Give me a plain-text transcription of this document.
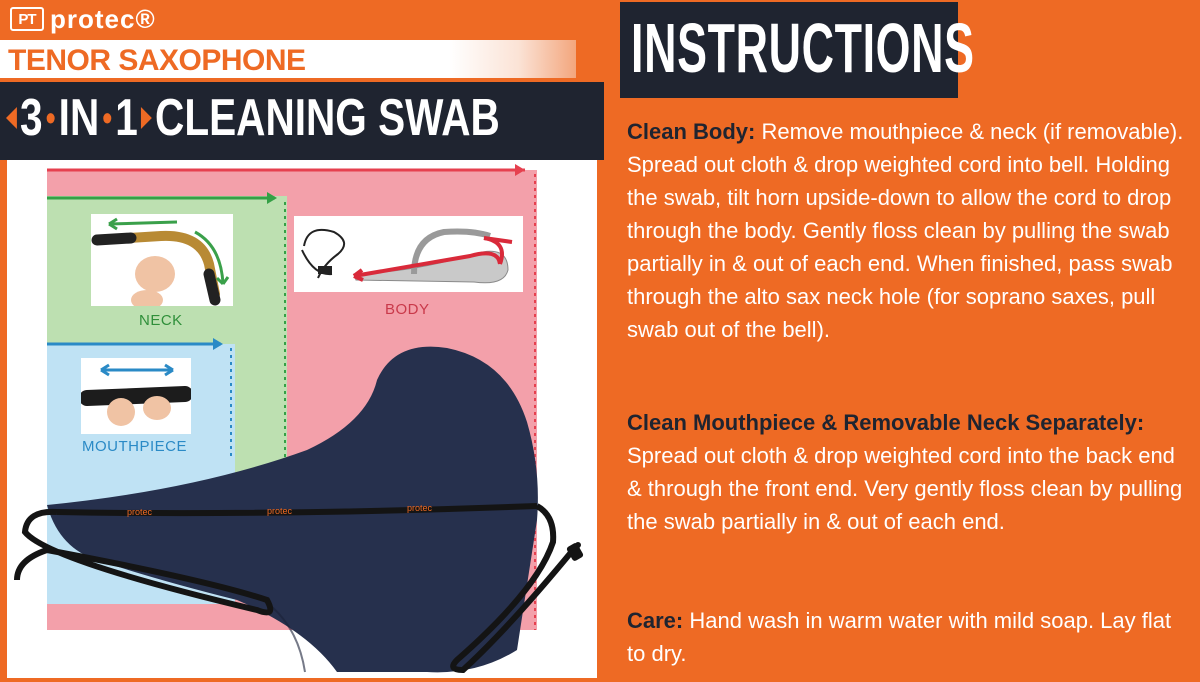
PT protec®
TENOR SAXOPHONE
3 • IN • 1 CLEANING SWAB
NECK
BODY
MOUTHPIECE
protec	protec	protec
INSTRUCTIONS
Clean Body: Remove mouthpiece & neck (if removable). Spread out cloth & drop weighted cord into bell. Holding the swab, tilt horn upside-down to allow the cord to drop through the body. Gently floss clean by pulling the swab partially in & out of each end. When finished, pass swab through the alto sax neck hole (for soprano saxes, pull swab out of the bell).
Clean Mouthpiece & Removable Neck Separately: Spread out cloth & drop weighted cord into the back end & through the front end. Very gently floss clean by pulling the swab partially in & out of each end.
Care: Hand wash in warm water with mild soap. Lay flat to dry.
